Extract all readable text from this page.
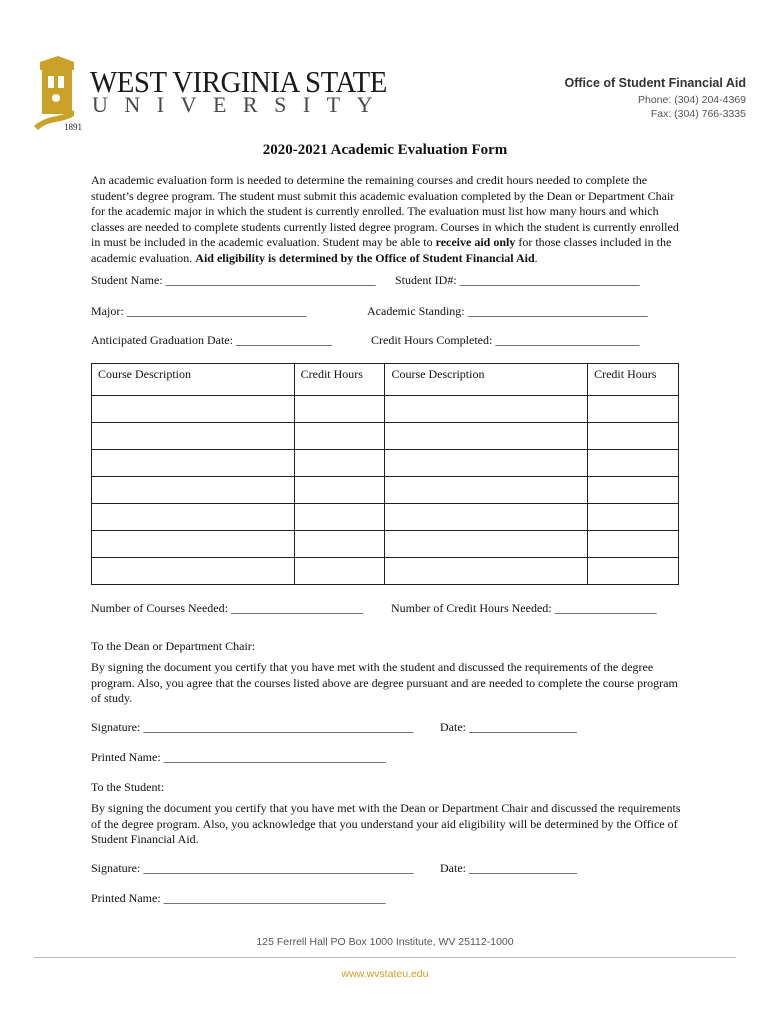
WEST VIRGINIA STATE
UNIVERSITY
1891
Office of Student Financial Aid
Phone: (304) 204-4369
Fax: (304) 766-3335
2020-2021 Academic Evaluation Form
An academic evaluation form is needed to determine the remaining courses and credit hours needed to complete the student’s degree program. The student must submit this academic evaluation completed by the Dean or Department Chair for the academic major in which the student is currently enrolled. The evaluation must list how many hours and which classes are needed to complete students currently listed degree program. Courses in which the student is currently enrolled in must be included in the academic evaluation. Student may be able to receive aid only for those classes included in the academic evaluation. Aid eligibility is determined by the Office of Student Financial Aid.
Student Name: ___________________________________ Student ID#: ______________________________
Major: ______________________________	Academic Standing: ______________________________
Anticipated Graduation Date: ________________	Credit Hours Completed: ________________________
Course Description	Credit Hours	Course Description	Credit Hours

Number of Courses Needed: ______________________ Number of Credit Hours Needed: _________________
To the Dean or Department Chair:
By signing the document you certify that you have met with the student and discussed the requirements of the degree program. Also, you agree that the courses listed above are degree pursuant and are needed to complete the course program of study.
Signature: _____________________________________________ Date: __________________
Printed Name: _____________________________________
To the Student:
By signing the document you certify that you have met with the Dean or Department Chair and discussed the requirements of the degree program. Also, you acknowledge that you understand your aid eligibility will be determined by the Office of Student Financial Aid.
Signature: _____________________________________________ Date: __________________
Printed Name: _____________________________________
125 Ferrell Hall PO Box 1000 Institute, WV 25112-1000
www.wvstateu.edu
